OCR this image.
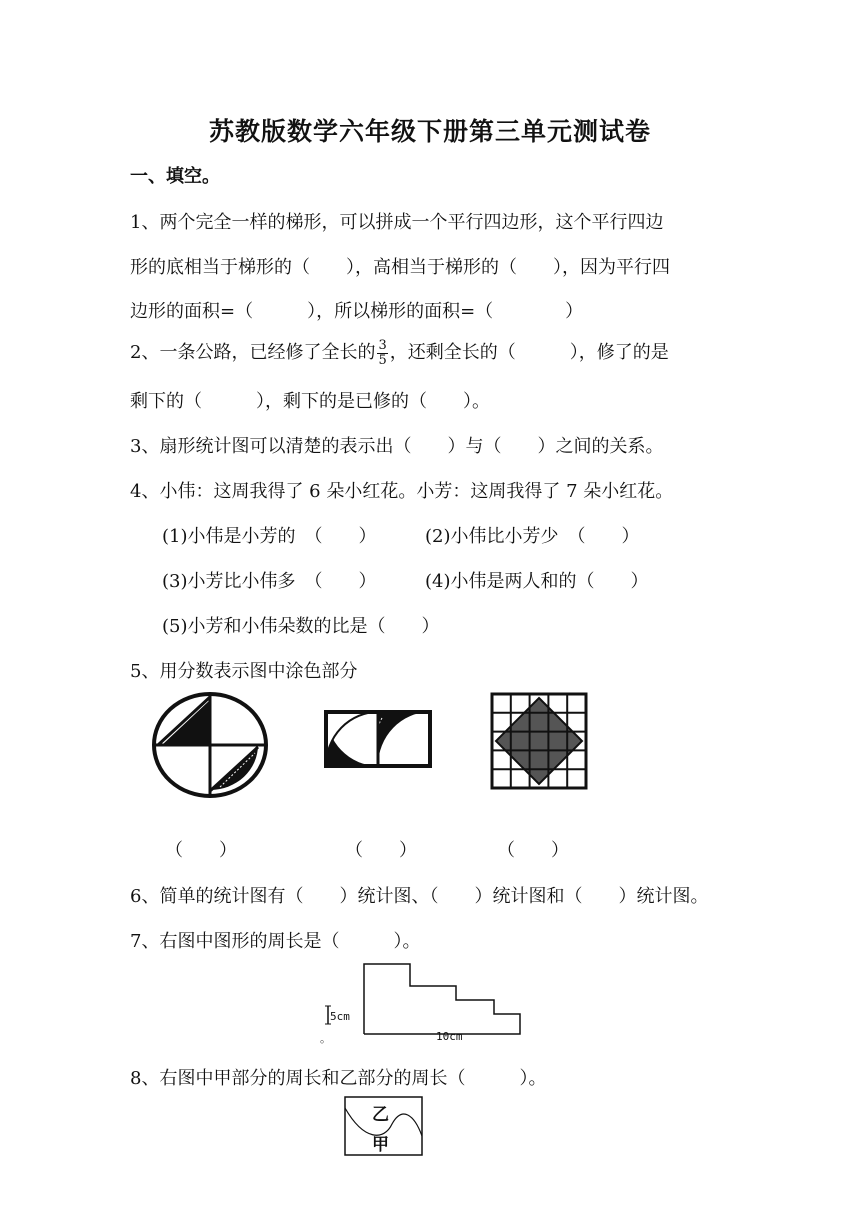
苏教版数学六年级下册第三单元测试卷
一、填空。
1、两个完全一样的梯形，可以拼成一个平行四边形，这个平行四边
形的底相当于梯形的（　　），高相当于梯形的（　　），因为平行四
边形的面积=（　　　），所以梯形的面积=（　　　　）
2、一条公路，已经修了全长的 $\frac{3}{5}$ ，还剩全长的（　　　），修了的是
剩下的（　　　），剩下的是已修的（　　）。
3、扇形统计图可以清楚的表示出（　　）与（　　）之间的关系。
4、小伟：这周我得了 6 朵小红花。小芳：这周我得了 7 朵小红花。
(1)小伟是小芳的　（　　）	(2)小伟比小芳少　（　　）
(3)小芳比小伟多　（　　）	(4)小伟是两人和的（　　）
(5)小芳和小伟朵数的比是（　　）
5、用分数表示图中涂色部分
（　　）	（　　）	（　　）
6、简单的统计图有（　　）统计图、（　　）统计图和（　　）统计图。
7、右图中图形的周长是（　　　）。
5cm
10cm
。
8、右图中甲部分的周长和乙部分的周长（　　　）。
乙
甲
